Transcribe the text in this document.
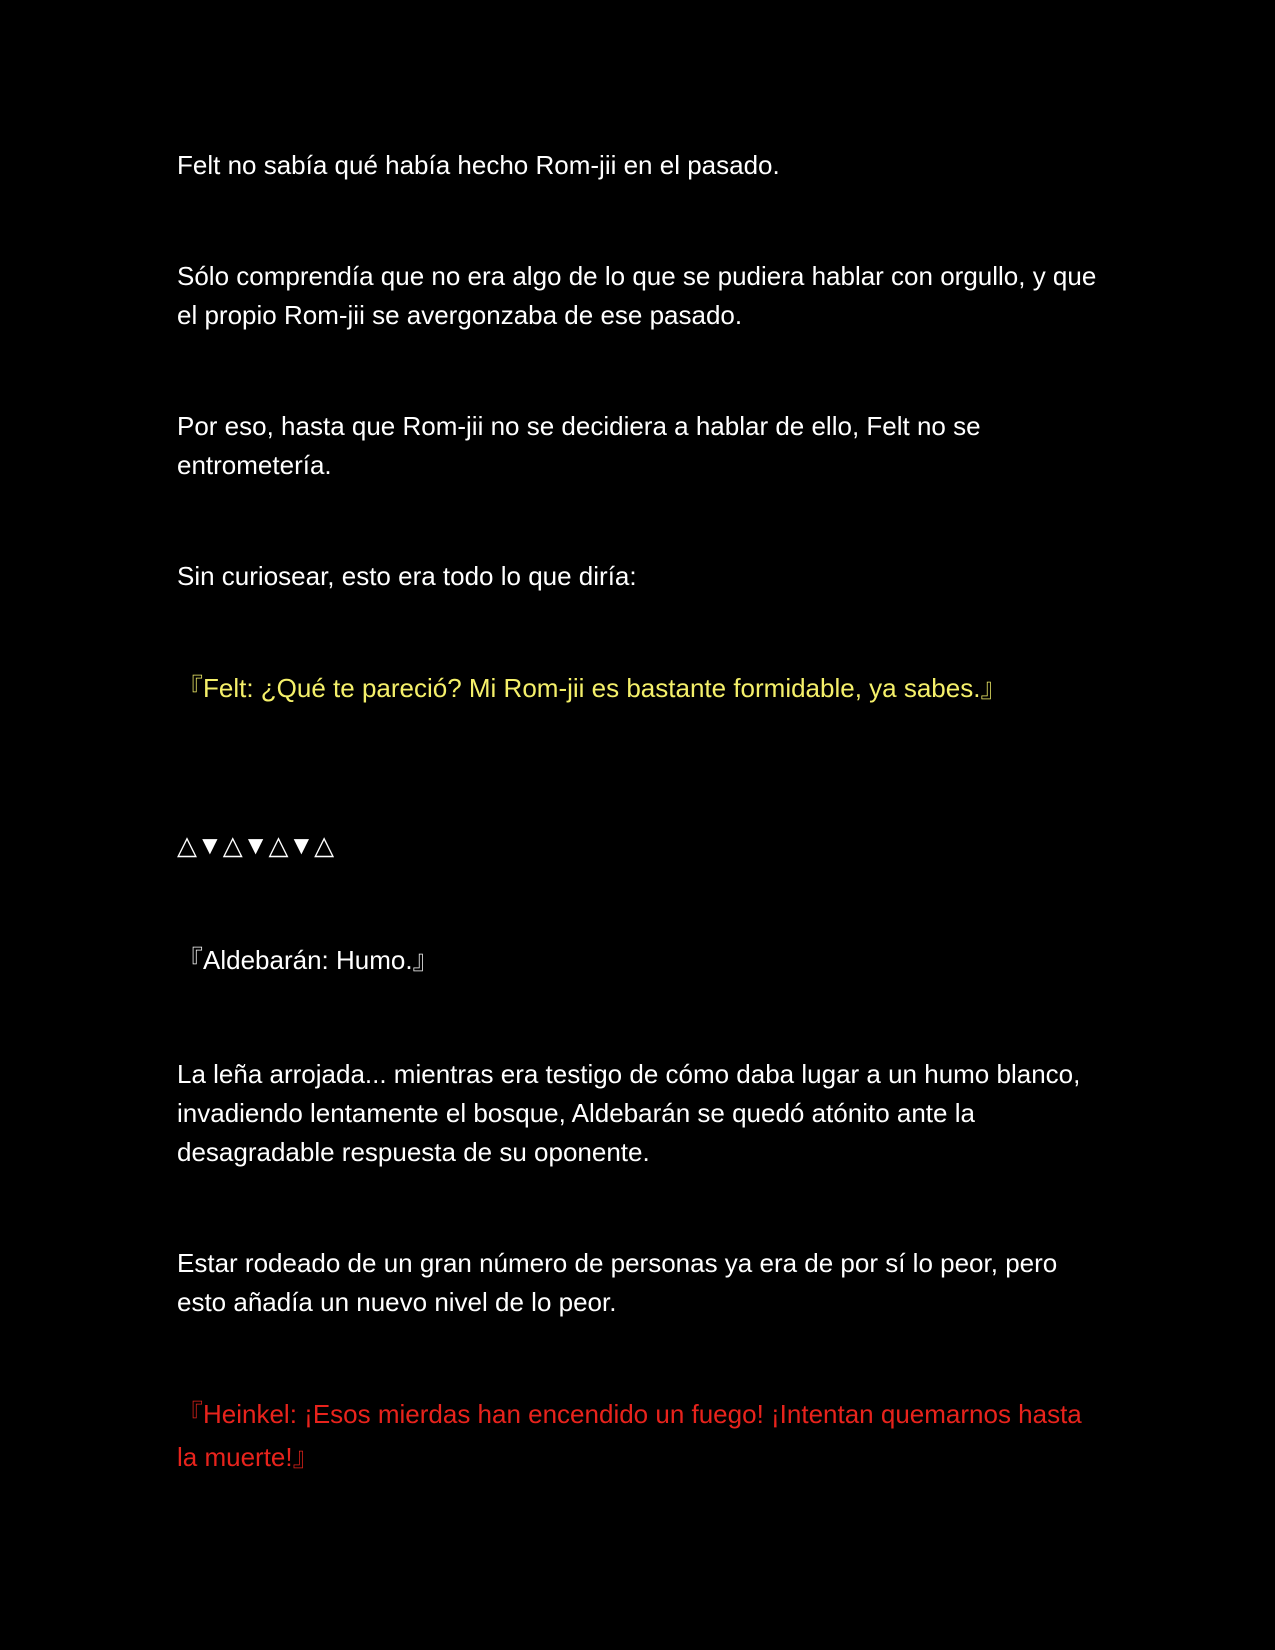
Felt no sabía qué había hecho Rom-jii en el pasado.

Sólo comprendía que no era algo de lo que se pudiera hablar con orgullo, y que el propio Rom-jii se avergonzaba de ese pasado.

Por eso, hasta que Rom-jii no se decidiera a hablar de ello, Felt no se entrometería.

Sin curiosear, esto era todo lo que diría:

『Felt: ¿Qué te pareció? Mi Rom-jii es bastante formidable, ya sabes.』

△▼△▼△▼△

『Aldebarán: Humo.』

La leña arrojada... mientras era testigo de cómo daba lugar a un humo blanco, invadiendo lentamente el bosque, Aldebarán se quedó atónito ante la desagradable respuesta de su oponente.

Estar rodeado de un gran número de personas ya era de por sí lo peor, pero esto añadía un nuevo nivel de lo peor.

『Heinkel: ¡Esos mierdas han encendido un fuego! ¡Intentan quemarnos hasta la muerte!』
